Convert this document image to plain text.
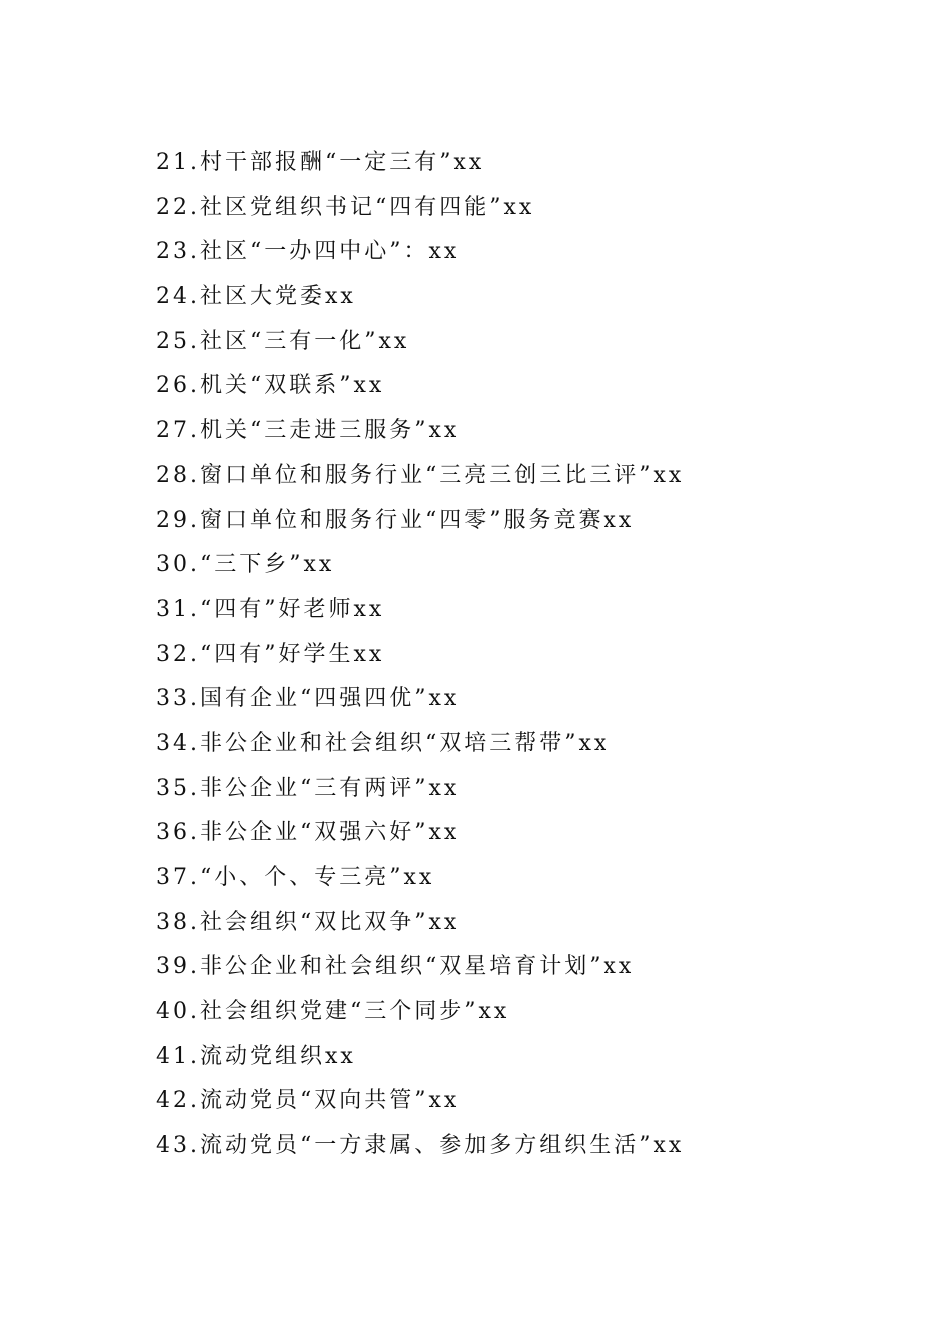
21.村干部报酬“一定三有”xx
22.社区党组织书记“四有四能”xx
23.社区“一办四中心”：xx
24.社区大党委xx
25.社区“三有一化”xx
26.机关“双联系”xx
27.机关“三走进三服务”xx
28.窗口单位和服务行业“三亮三创三比三评”xx
29.窗口单位和服务行业“四零”服务竞赛xx
30.“三下乡”xx
31.“四有”好老师xx
32.“四有”好学生xx
33.国有企业“四强四优”xx
34.非公企业和社会组织“双培三帮带”xx
35.非公企业“三有两评”xx
36.非公企业“双强六好”xx
37.“小、个、专三亮”xx
38.社会组织“双比双争”xx
39.非公企业和社会组织“双星培育计划”xx
40.社会组织党建“三个同步”xx
41.流动党组织xx
42.流动党员“双向共管”xx
43.流动党员“一方隶属、参加多方组织生活”xx
